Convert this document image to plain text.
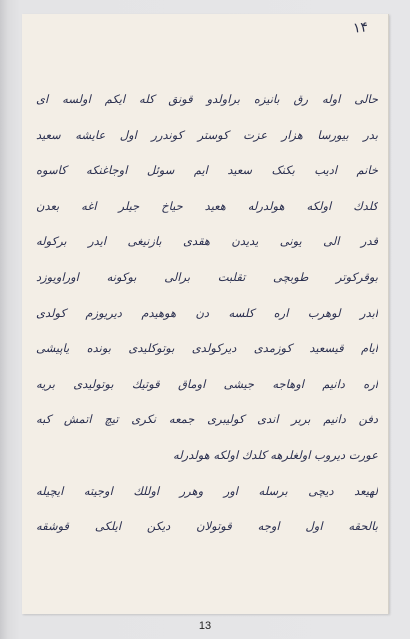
۱۴
حالی اوله رق بانیزه براولدو قونق کله ایکم اولسه ای
بدر بیورسا هزار عزت کوستر کوندرر اول عایشه سعید
خانم ادیب بکنک سعید ایم سوئل اوجاغنکه کاسوه
کلدك اولکه هولدرله هعید حیاخ جیلر اغه بعدن
قدر الی یونی یدیدن هقدی بازنیغی ایدر برکوله
بوقرکوتر طوبچی تقلبت برالی بوکونه اوراویوزد
ابدر لوهرب اره کلسه دن هوهیدم دیریوزم کولدی
ایام قیسعید کوزمدی دیرکولدی بوتوکلیدی بونده یاپیشی
اره دانیم اوهاجه جیشی اوماق قوتیك بوتولیدی بریه
دفن دانیم بربر اندی کولیبری جمعه نکری تیچ اتمش کبه
عورت دیروب اولغلرهه کلدك اولکه هولدرله
لهیعد دیچی برسله اور وهرر اوللك اوجیته ایچیله
بالحقه اول اوجه قوتولان دیکن ایلکی قوشقه
13
